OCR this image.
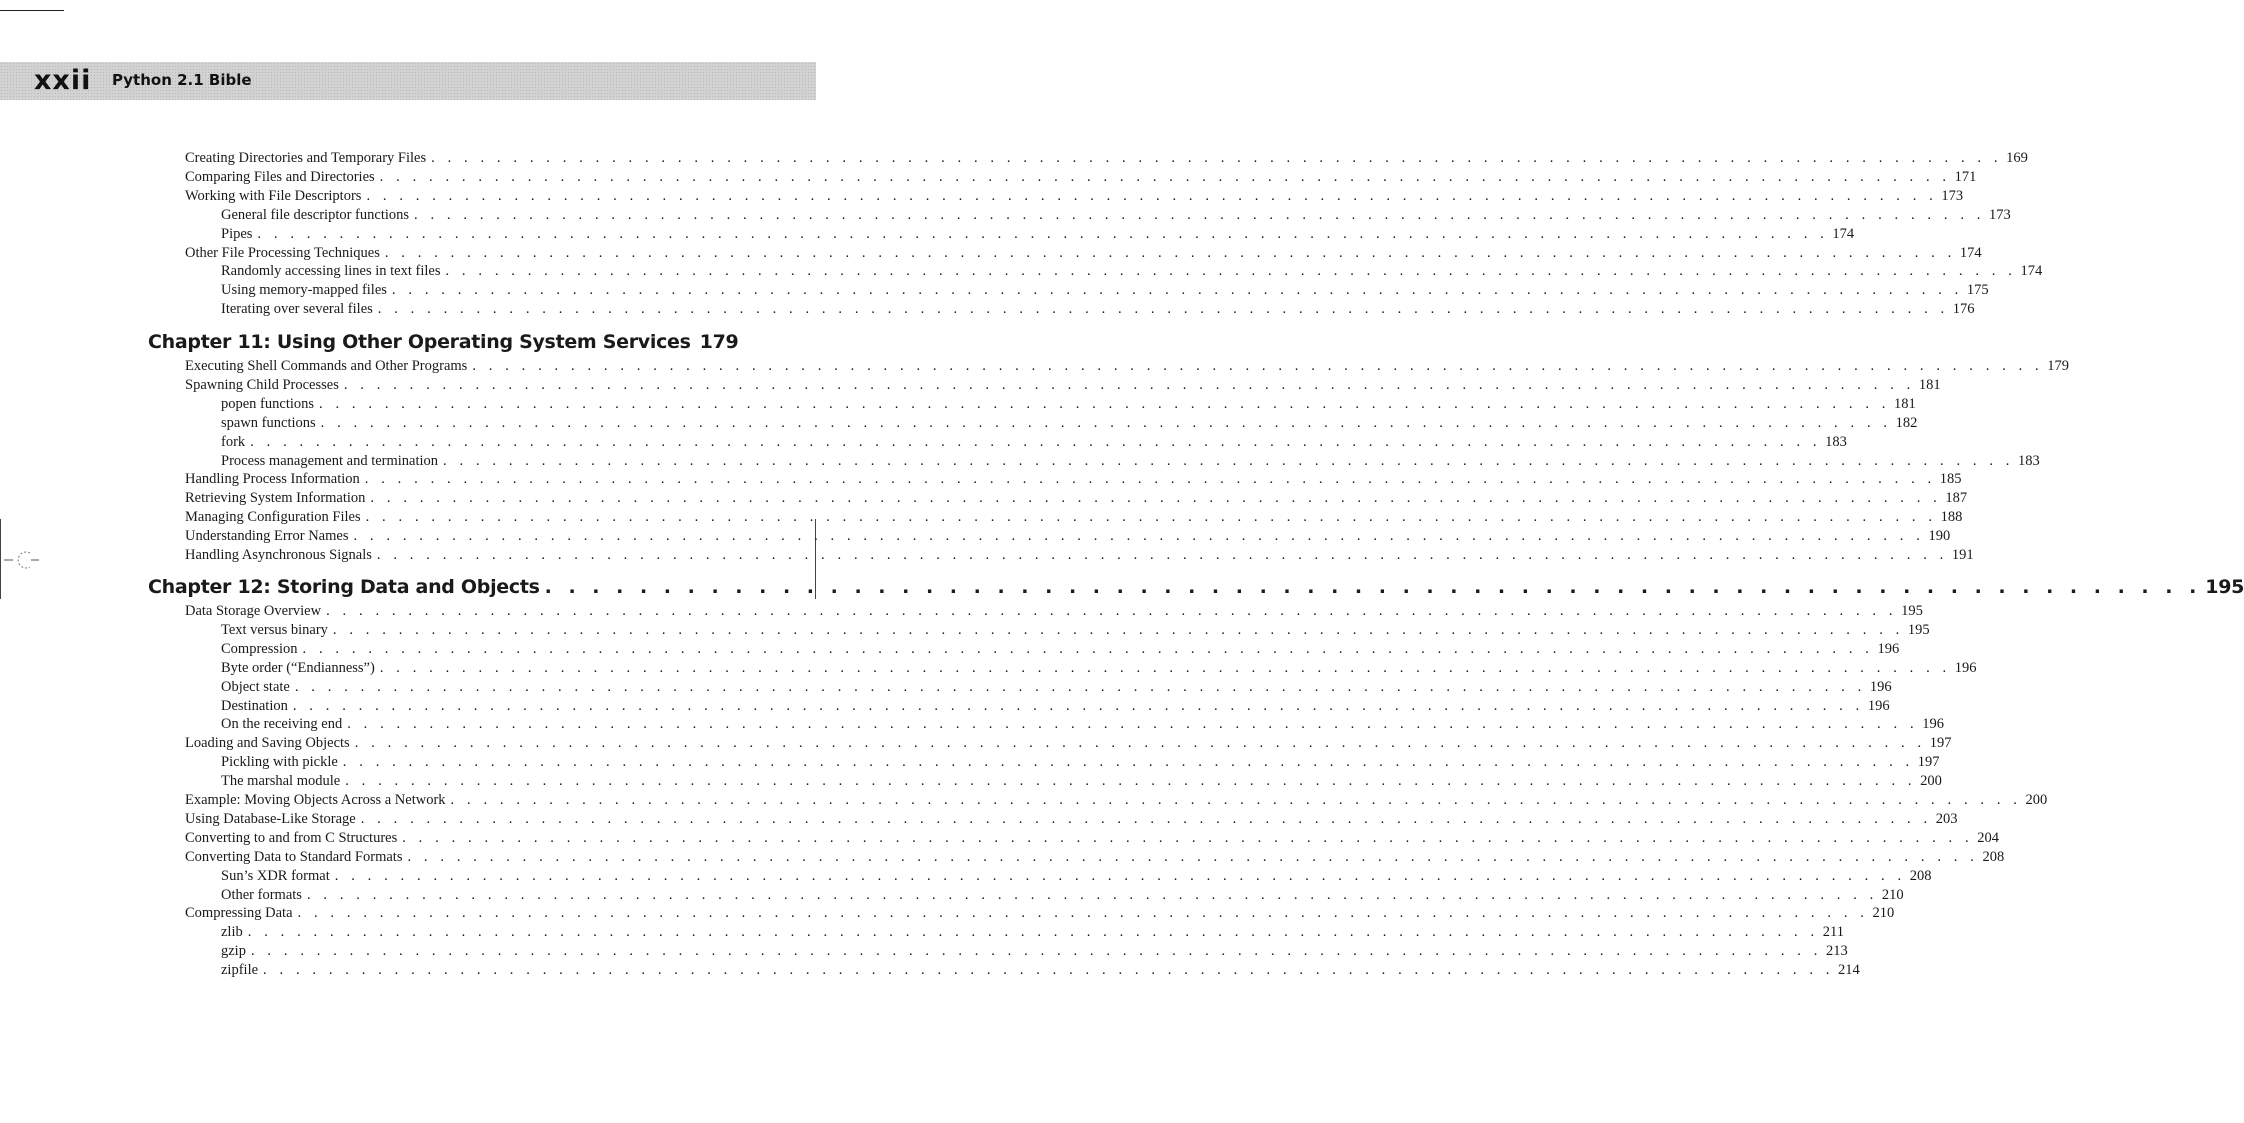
xxii Python 2.1 Bible
Creating Directories and Temporary Files . . .	169
Comparing Files and Directories . . .	171
Working with File Descriptors . . .	173
General file descriptor functions . . .	173
Pipes . . .	174
Other File Processing Techniques . . .	174
Randomly accessing lines in text files . . .	174
Using memory-mapped files . . .	175
Iterating over several files . . .	176
Chapter 11: Using Other Operating System Services . . . 179
Executing Shell Commands and Other Programs . . .	179
Spawning Child Processes . . .	181
popen functions . . .	181
spawn functions . . .	182
fork . . .	183
Process management and termination . . .	183
Handling Process Information . . .	185
Retrieving System Information . . .	187
Managing Configuration Files . . .	188
Understanding Error Names . . .	190
Handling Asynchronous Signals . . .	191
Chapter 12: Storing Data and Objects . . .	195
Data Storage Overview . . .	195
Text versus binary . . .	195
Compression . . .	196
Byte order (“Endianness”) . . .	196
Object state . . .	196
Destination . . .	196
On the receiving end . . .	196
Loading and Saving Objects . . .	197
Pickling with pickle . . .	197
The marshal module . . .	200
Example: Moving Objects Across a Network . . .	200
Using Database-Like Storage . . .	203
Converting to and from C Structures . . .	204
Converting Data to Standard Formats . . .	208
Sun’s XDR format . . .	208
Other formats . . .	210
Compressing Data . . .	210
zlib . . .	211
gzip . . .	213
zipfile . . .	214
